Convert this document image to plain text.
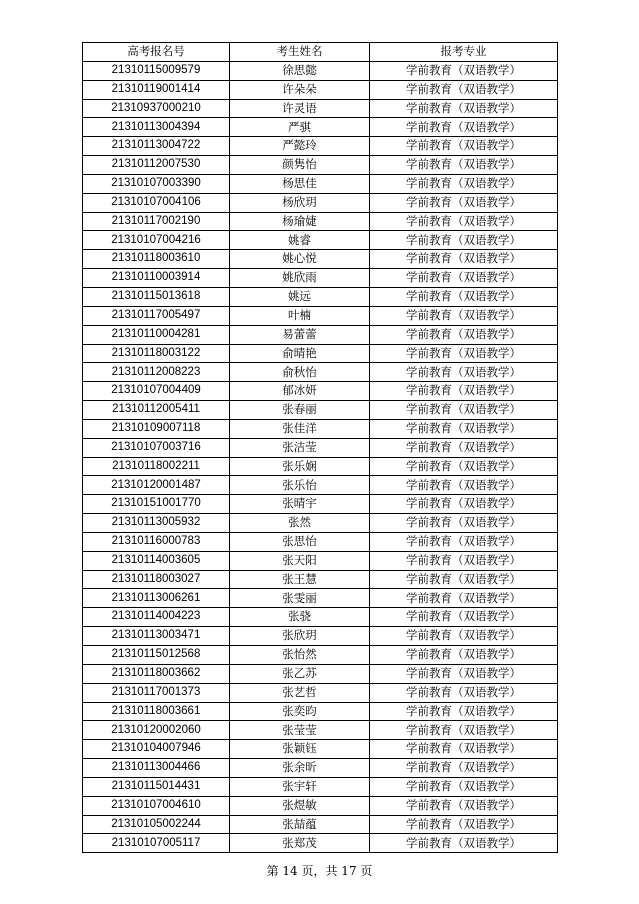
高考报名号	考生姓名	报考专业
21310115009579	徐思懿	学前教育（双语教学）
21310119001414	许朵朵	学前教育（双语教学）
21310937000210	许灵语	学前教育（双语教学）
21310113004394	严骐	学前教育（双语教学）
21310113004722	严懿玲	学前教育（双语教学）
21310112007530	颜隽怡	学前教育（双语教学）
21310107003390	杨思佳	学前教育（双语教学）
21310107004106	杨欣玥	学前教育（双语教学）
21310117002190	杨瑜婕	学前教育（双语教学）
21310107004216	姚睿	学前教育（双语教学）
21310118003610	姚心悦	学前教育（双语教学）
21310110003914	姚欣雨	学前教育（双语教学）
21310115013618	姚远	学前教育（双语教学）
21310117005497	叶楠	学前教育（双语教学）
21310110004281	易蕾蕾	学前教育（双语教学）
21310118003122	俞晴艳	学前教育（双语教学）
21310112008223	俞秋怡	学前教育（双语教学）
21310107004409	郁冰妍	学前教育（双语教学）
21310112005411	张春丽	学前教育（双语教学）
21310109007118	张佳洋	学前教育（双语教学）
21310107003716	张洁莹	学前教育（双语教学）
21310118002211	张乐娴	学前教育（双语教学）
21310120001487	张乐怡	学前教育（双语教学）
21310151001770	张晴宇	学前教育（双语教学）
21310113005932	张然	学前教育（双语教学）
21310116000783	张思怡	学前教育（双语教学）
21310114003605	张天阳	学前教育（双语教学）
21310118003027	张王慧	学前教育（双语教学）
21310113006261	张雯丽	学前教育（双语教学）
21310114004223	张骁	学前教育（双语教学）
21310113003471	张欣玥	学前教育（双语教学）
21310115012568	张怡然	学前教育（双语教学）
21310118003662	张乙苏	学前教育（双语教学）
21310117001373	张艺哲	学前教育（双语教学）
21310118003661	张奕昀	学前教育（双语教学）
21310120002060	张莹莹	学前教育（双语教学）
21310104007946	张颖钰	学前教育（双语教学）
21310113004466	张余昕	学前教育（双语教学）
21310115014431	张宇轩	学前教育（双语教学）
21310107004610	张煜敏	学前教育（双语教学）
21310105002244	张喆蕴	学前教育（双语教学）
21310107005117	张郑茂	学前教育（双语教学）
第 14 页，共 17 页
